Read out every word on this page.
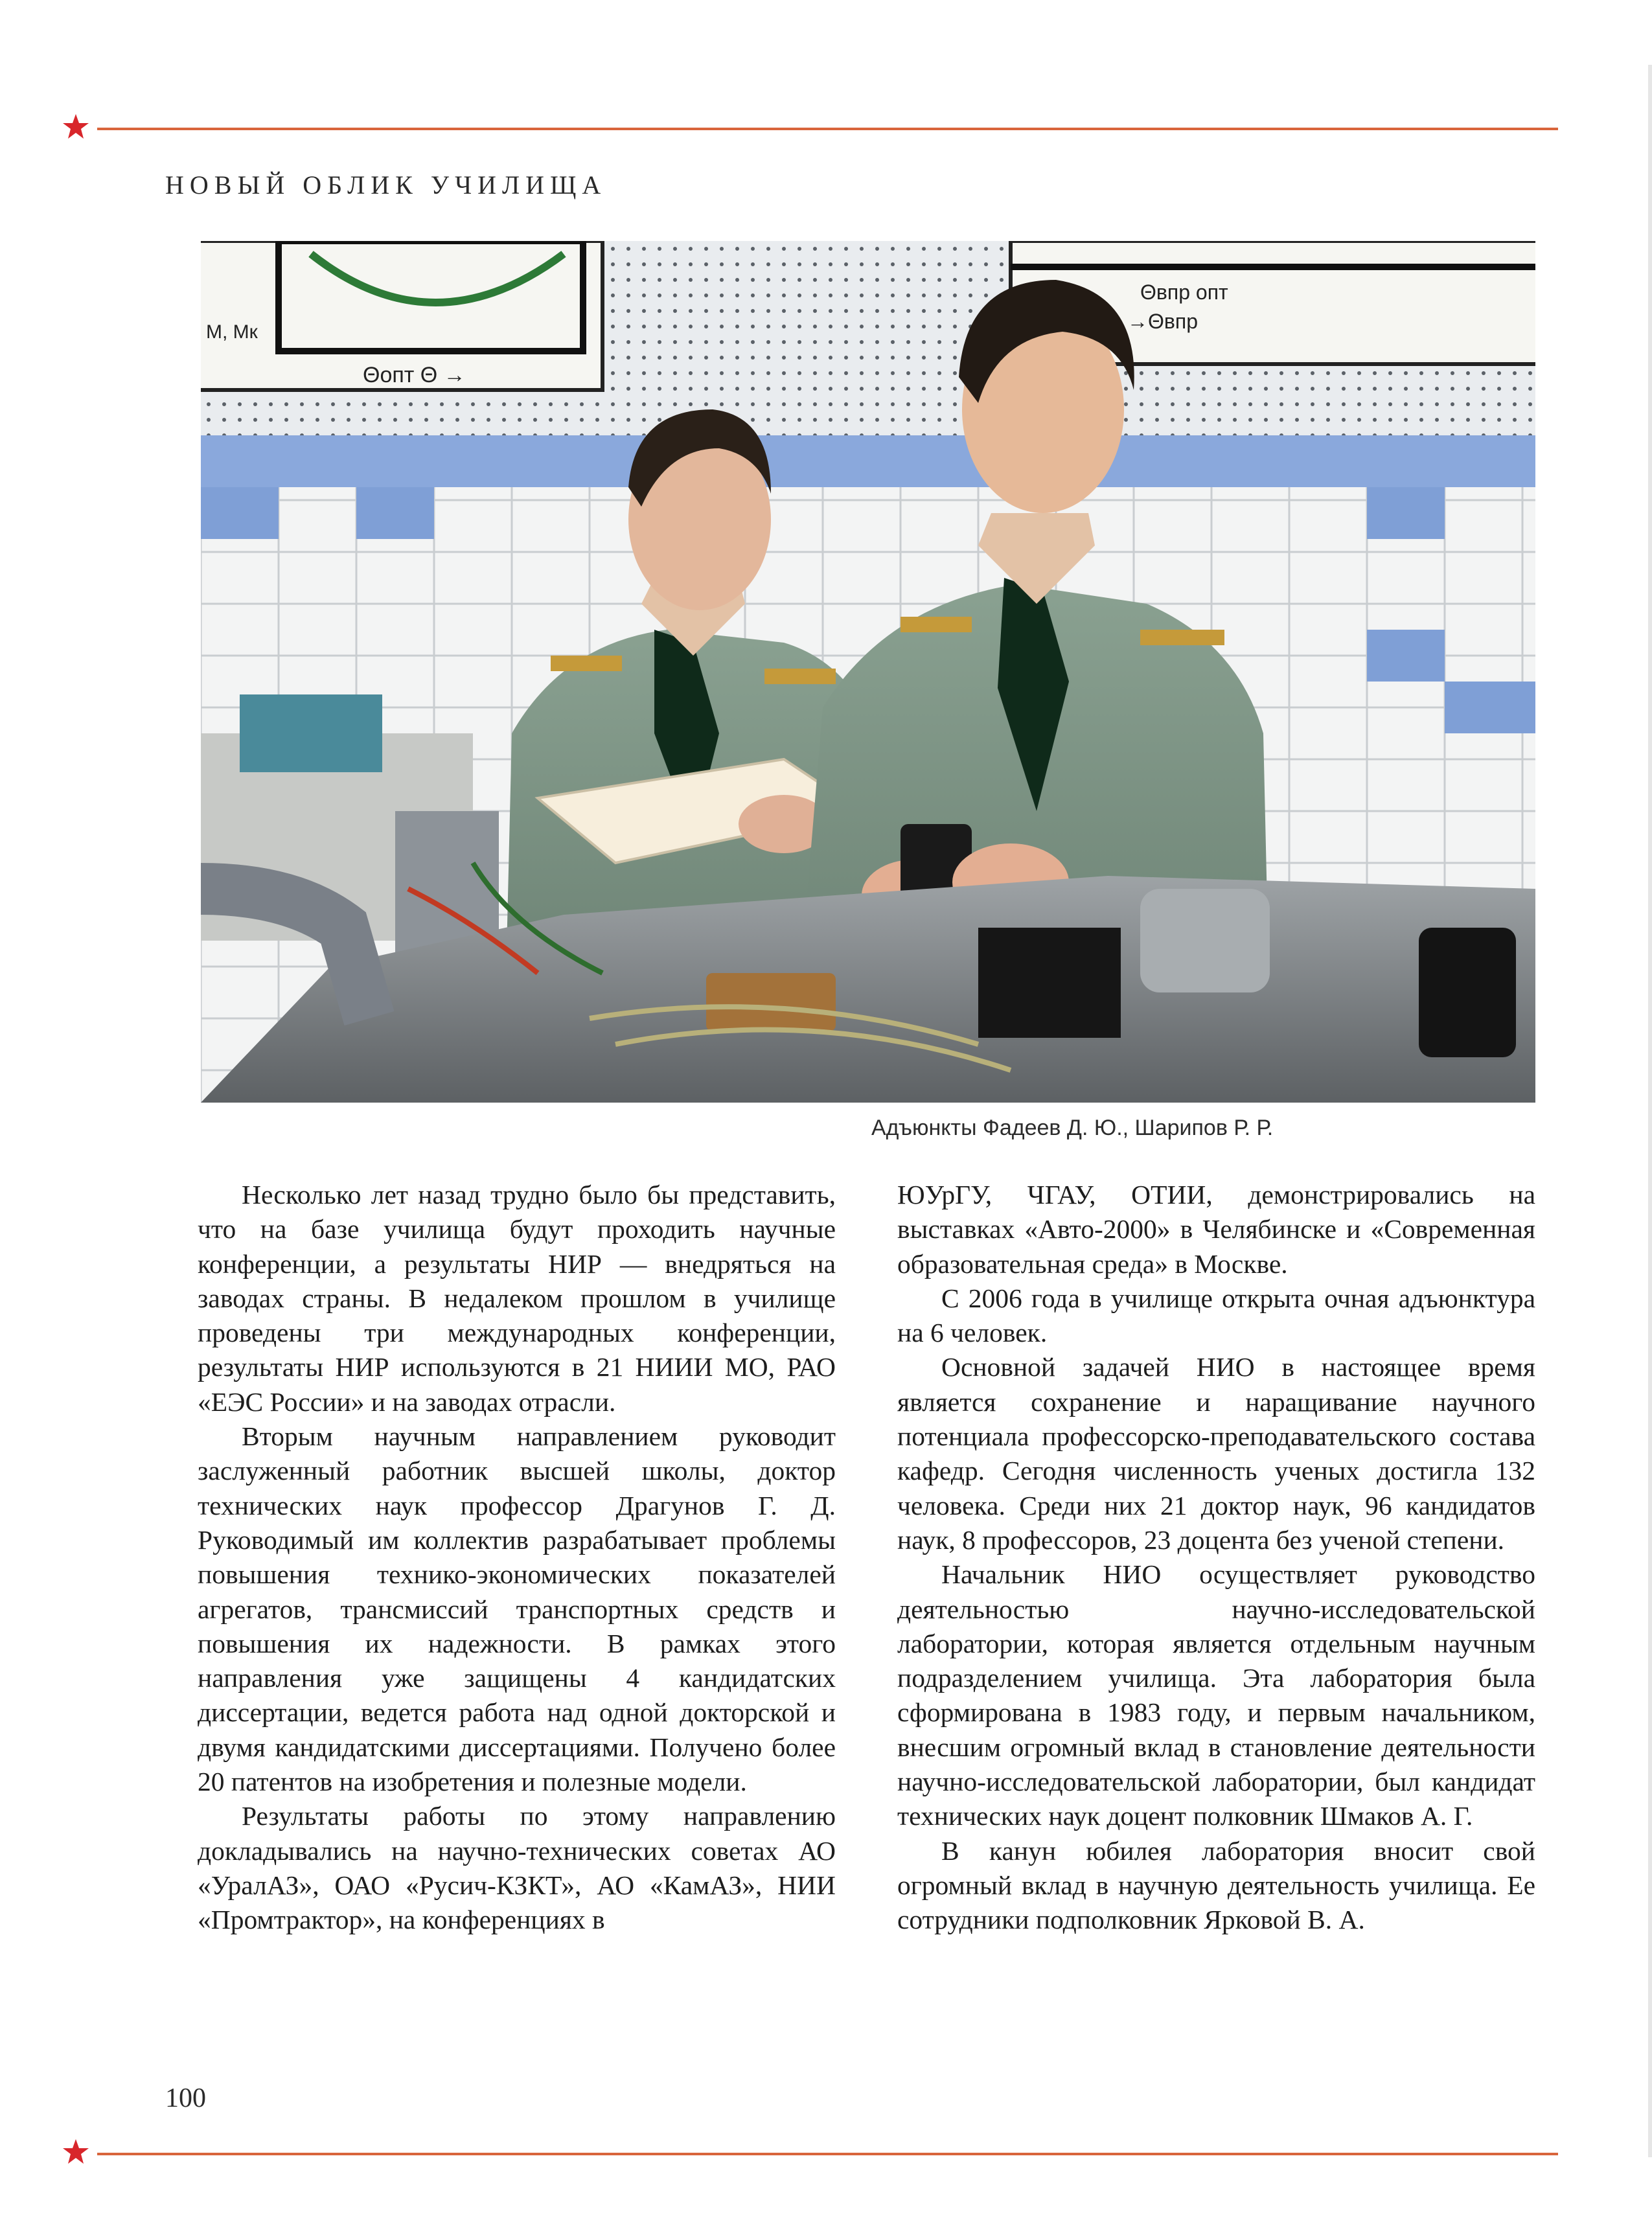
НОВЫЙ ОБЛИК УЧИЛИЩА
Θопт Θ →
М, Мк
Θвпр опт
→Θвпр
Адъюнкты Фадеев Д. Ю., Шарипов Р. Р.

Несколько лет назад трудно было бы представить, что на базе училища будут проходить научные конференции, а результаты НИР — внедряться на заводах страны. В недалеком прошлом в училище проведены три международных конференции, результаты НИР используются в 21 НИИИ МО, РАО «ЕЭС России» и на заводах отрасли.

Вторым научным направлением руководит заслуженный работник высшей школы, доктор технических наук профессор Драгунов Г. Д. Руководимый им коллектив разрабатывает проблемы повышения технико-экономических показателей агрегатов, трансмиссий транспортных средств и повышения их надежности. В рамках этого направления уже защищены 4 кандидатских диссертации, ведется работа над одной докторской и двумя кандидатскими диссертациями. Получено более 20 патентов на изобретения и полезные модели.

Результаты работы по этому направлению докладывались на научно-технических советах АО «УралАЗ», ОАО «Русич-КЗКТ», АО «КамАЗ», НИИ «Промтрактор», на конференциях в

ЮУрГУ, ЧГАУ, ОТИИ, демонстрировались на выставках «Авто-2000» в Челябинске и «Современная образовательная среда» в Москве.

С 2006 года в училище открыта очная адъюнктура на 6 человек.

Основной задачей НИО в настоящее время является сохранение и наращивание научного потенциала профессорско-преподавательского состава кафедр. Сегодня численность ученых достигла 132 человека. Среди них 21 доктор наук, 96 кандидатов наук, 8 профессоров, 23 доцента без ученой степени.

Начальник НИО осуществляет руководство деятельностью научно-исследовательской лаборатории, которая является отдельным научным подразделением училища. Эта лаборатория была сформирована в 1983 году, и первым начальником, внесшим огромный вклад в становление деятельности научно-исследовательской лаборатории, был кандидат технических наук доцент полковник Шмаков А. Г.

В канун юбилея лаборатория вносит свой огромный вклад в научную деятельность училища. Ее сотрудники подполковник Ярковой В. А.

100
